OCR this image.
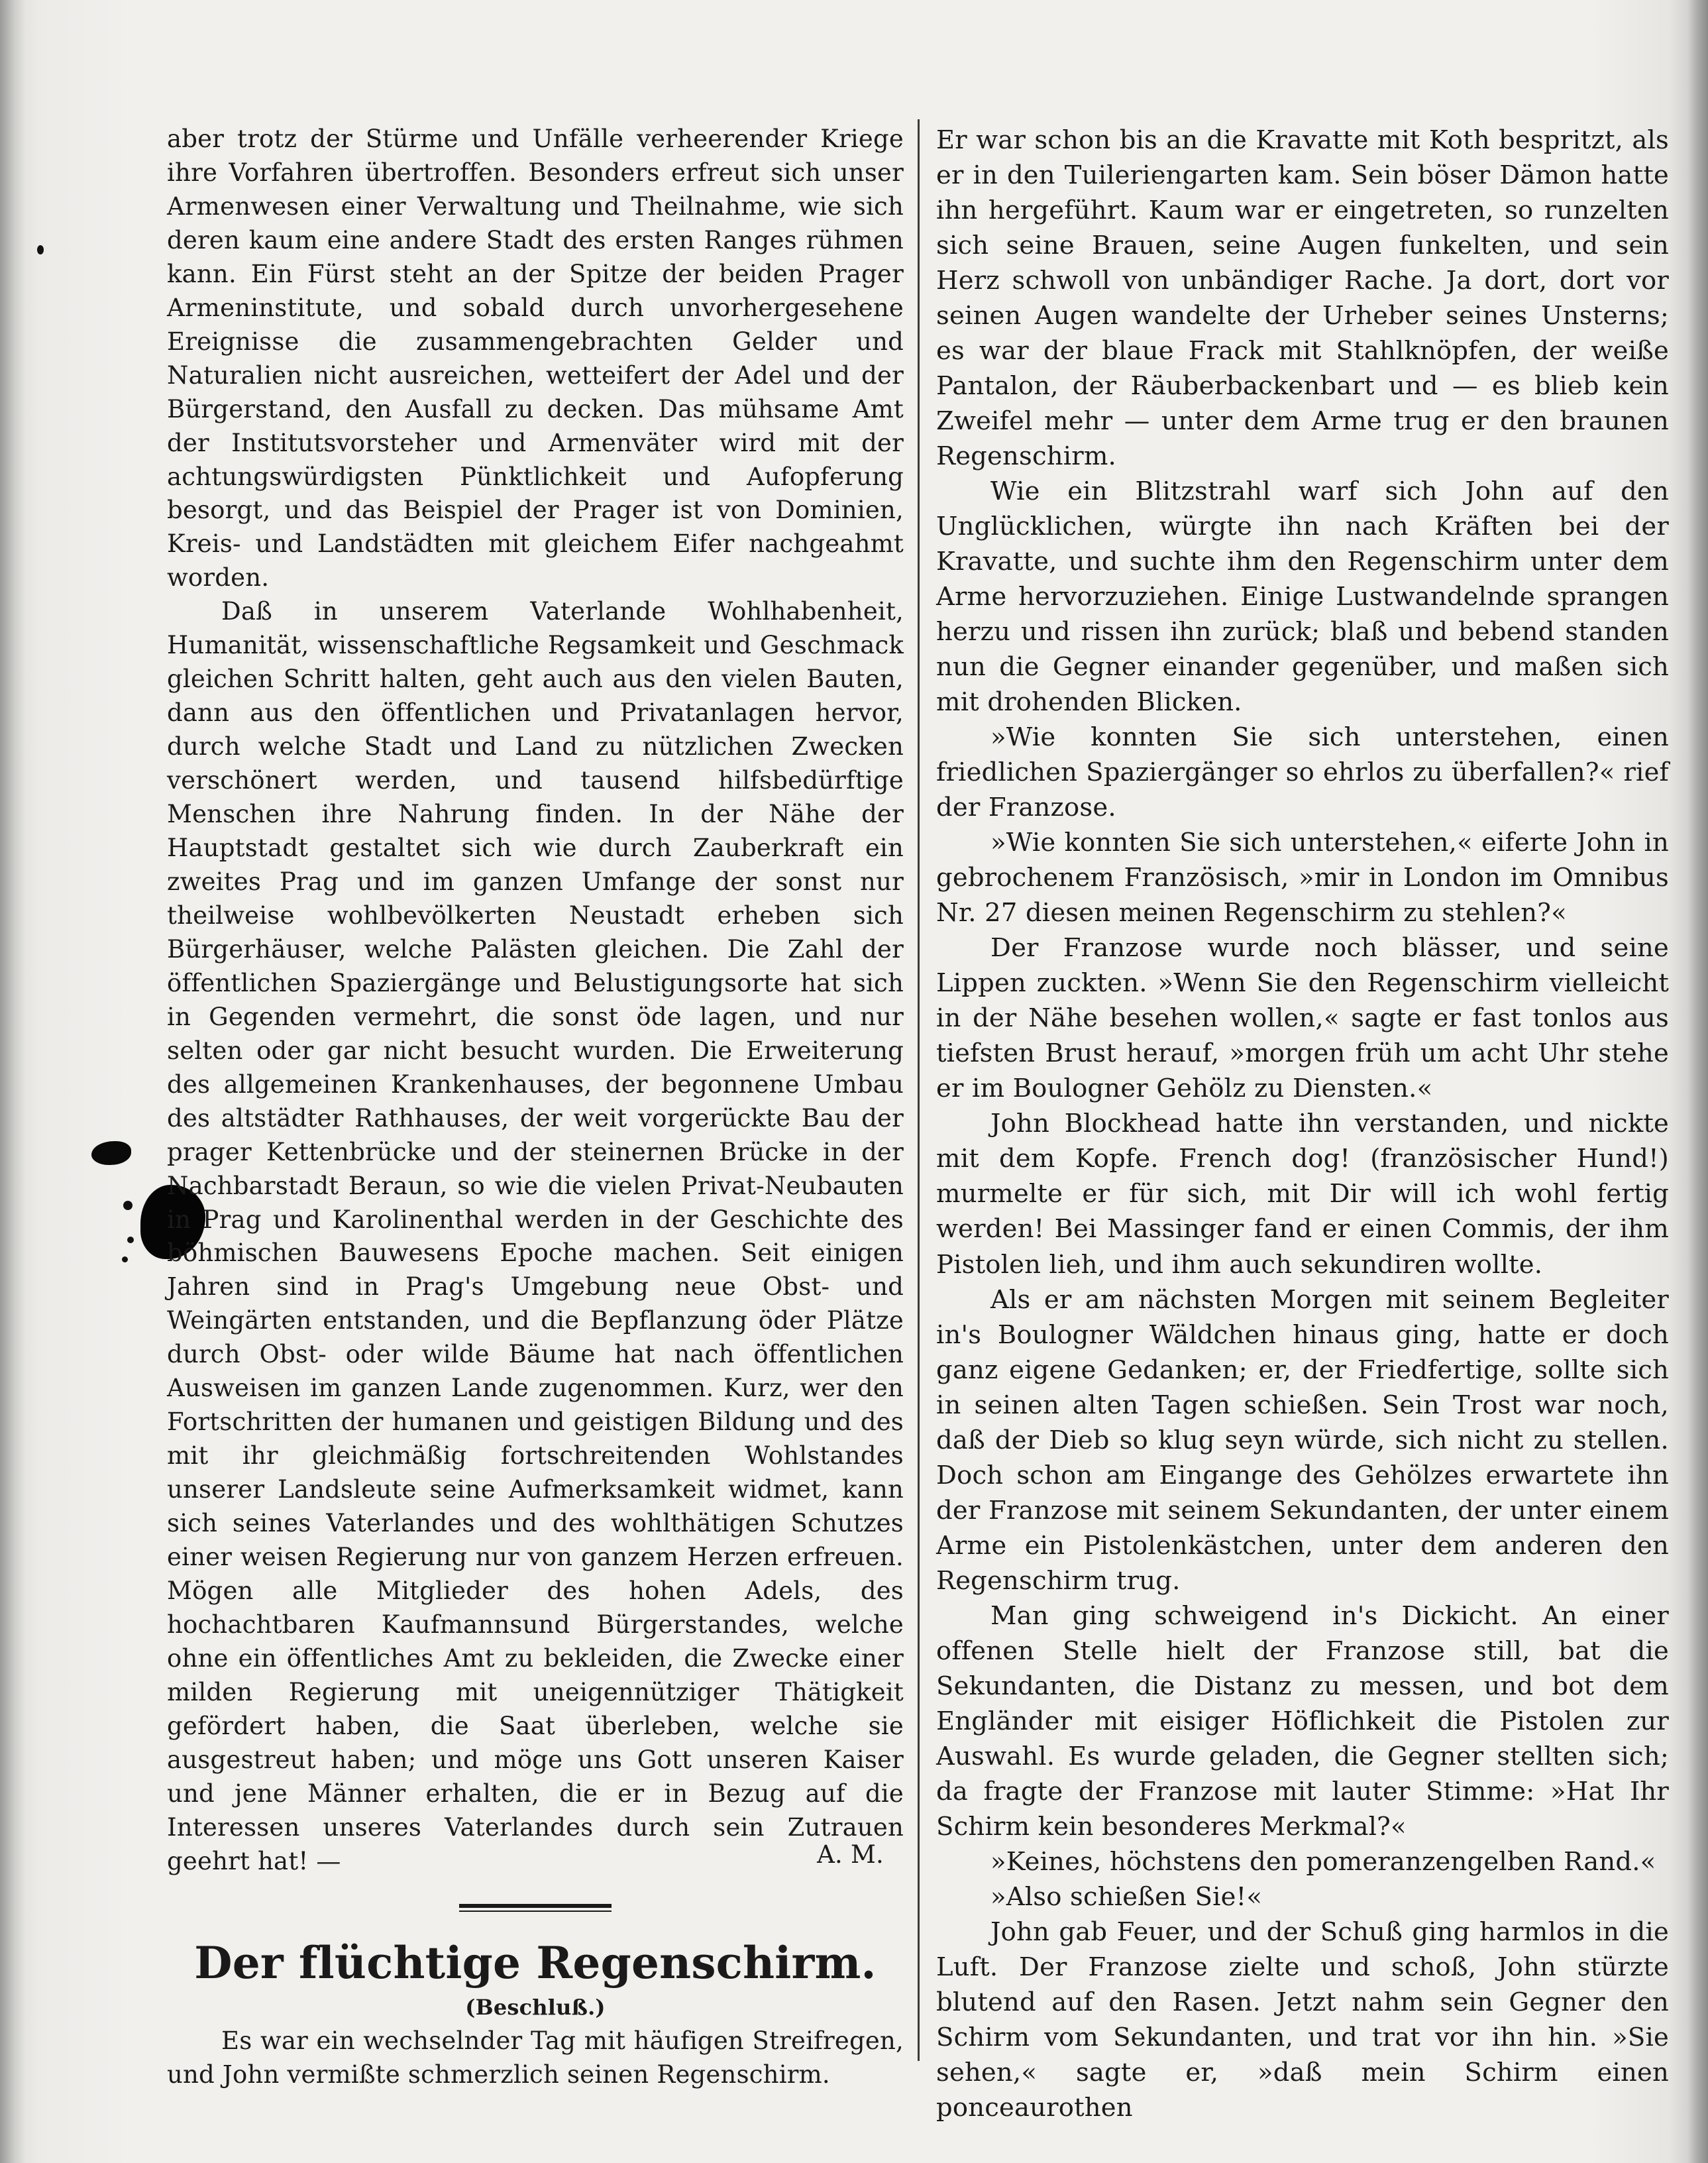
aber trotz der Stürme und Unfälle verheerender Kriege ihre Vorfahren übertroffen. Besonders erfreut sich unser Armenwesen einer Verwaltung und Theilnahme, wie sich deren kaum eine andere Stadt des ersten Ranges rühmen kann. Ein Fürst steht an der Spitze der beiden Prager Armeninstitute, und sobald durch unvorhergesehene Ereignisse die zusammengebrachten Gelder und Naturalien nicht ausreichen, wetteifert der Adel und der Bürgerstand, den Ausfall zu decken. Das mühsame Amt der Institutsvorsteher und Armenväter wird mit der achtungswürdigsten Pünktlichkeit und Aufopferung besorgt, und das Beispiel der Prager ist von Dominien, Kreis- und Landstädten mit gleichem Eifer nachgeahmt worden.

Daß in unserem Vaterlande Wohlhabenheit, Humanität, wissenschaftliche Regsamkeit und Geschmack gleichen Schritt halten, geht auch aus den vielen Bauten, dann aus den öffentlichen und Privatanlagen hervor, durch welche Stadt und Land zu nützlichen Zwecken verschönert werden, und tausend hilfsbedürftige Menschen ihre Nahrung finden. In der Nähe der Hauptstadt gestaltet sich wie durch Zauberkraft ein zweites Prag und im ganzen Umfange der sonst nur theilweise wohlbevölkerten Neustadt erheben sich Bürgerhäuser, welche Palästen gleichen. Die Zahl der öffentlichen Spaziergänge und Belustigungsorte hat sich in Gegenden vermehrt, die sonst öde lagen, und nur selten oder gar nicht besucht wurden. Die Erweiterung des allgemeinen Krankenhauses, der begonnene Umbau des altstädter Rathhauses, der weit vorgerückte Bau der prager Kettenbrücke und der steinernen Brücke in der Nachbarstadt Beraun, so wie die vielen Privat-Neubauten in Prag und Karolinenthal werden in der Geschichte des böhmischen Bauwesens Epoche machen. Seit einigen Jahren sind in Prag's Umgebung neue Obst- und Weingärten entstanden, und die Bepflanzung öder Plätze durch Obst- oder wilde Bäume hat nach öffentlichen Ausweisen im ganzen Lande zugenommen. Kurz, wer den Fortschritten der humanen und geistigen Bildung und des mit ihr gleichmäßig fortschreitenden Wohlstandes unserer Landsleute seine Aufmerksamkeit widmet, kann sich seines Vaterlandes und des wohlthätigen Schutzes einer weisen Regierung nur von ganzem Herzen erfreuen. Mögen alle Mitglieder des hohen Adels, des hochachtbaren Kaufmannsund Bürgerstandes, welche ohne ein öffentliches Amt zu bekleiden, die Zwecke einer milden Regierung mit uneigennütziger Thätigkeit gefördert haben, die Saat überleben, welche sie ausgestreut haben; und möge uns Gott unseren Kaiser und jene Männer erhalten, die er in Bezug auf die Interessen unseres Vaterlandes durch sein Zutrauen geehrt hat! —	A. M.
Der flüchtige Regenschirm.
(Beschluß.)

Es war ein wechselnder Tag mit häufigen Streifregen, und John vermißte schmerzlich seinen Regenschirm.

Er war schon bis an die Kravatte mit Koth bespritzt, als er in den Tuileriengarten kam. Sein böser Dämon hatte ihn hergeführt. Kaum war er eingetreten, so runzelten sich seine Brauen, seine Augen funkelten, und sein Herz schwoll von unbändiger Rache. Ja dort, dort vor seinen Augen wandelte der Urheber seines Unsterns; es war der blaue Frack mit Stahlknöpfen, der weiße Pantalon, der Räuberbackenbart und — es blieb kein Zweifel mehr — unter dem Arme trug er den braunen Regenschirm.

Wie ein Blitzstrahl warf sich John auf den Unglücklichen, würgte ihn nach Kräften bei der Kravatte, und suchte ihm den Regenschirm unter dem Arme hervorzuziehen. Einige Lustwandelnde sprangen herzu und rissen ihn zurück; blaß und bebend standen nun die Gegner einander gegenüber, und maßen sich mit drohenden Blicken.

»Wie konnten Sie sich unterstehen, einen friedlichen Spaziergänger so ehrlos zu überfallen?« rief der Franzose.

»Wie konnten Sie sich unterstehen,« eiferte John in gebrochenem Französisch, »mir in London im Omnibus Nr. 27 diesen meinen Regenschirm zu stehlen?«

Der Franzose wurde noch blässer, und seine Lippen zuckten. »Wenn Sie den Regenschirm vielleicht in der Nähe besehen wollen,« sagte er fast tonlos aus tiefsten Brust herauf, »morgen früh um acht Uhr stehe er im Boulogner Gehölz zu Diensten.«

John Blockhead hatte ihn verstanden, und nickte mit dem Kopfe. French dog! (französischer Hund!) murmelte er für sich, mit Dir will ich wohl fertig werden! Bei Massinger fand er einen Commis, der ihm Pistolen lieh, und ihm auch sekundiren wollte.

Als er am nächsten Morgen mit seinem Begleiter in's Boulogner Wäldchen hinaus ging, hatte er doch ganz eigene Gedanken; er, der Friedfertige, sollte sich in seinen alten Tagen schießen. Sein Trost war noch, daß der Dieb so klug seyn würde, sich nicht zu stellen. Doch schon am Eingange des Gehölzes erwartete ihn der Franzose mit seinem Sekundanten, der unter einem Arme ein Pistolenkästchen, unter dem anderen den Regenschirm trug.

Man ging schweigend in's Dickicht. An einer offenen Stelle hielt der Franzose still, bat die Sekundanten, die Distanz zu messen, und bot dem Engländer mit eisiger Höflichkeit die Pistolen zur Auswahl. Es wurde geladen, die Gegner stellten sich; da fragte der Franzose mit lauter Stimme: »Hat Ihr Schirm kein besonderes Merkmal?«

»Keines, höchstens den pomeranzengelben Rand.«

»Also schießen Sie!«

John gab Feuer, und der Schuß ging harmlos in die Luft. Der Franzose zielte und schoß, John stürzte blutend auf den Rasen. Jetzt nahm sein Gegner den Schirm vom Sekundanten, und trat vor ihn hin. »Sie sehen,« sagte er, »daß mein Schirm einen ponceaurothen
